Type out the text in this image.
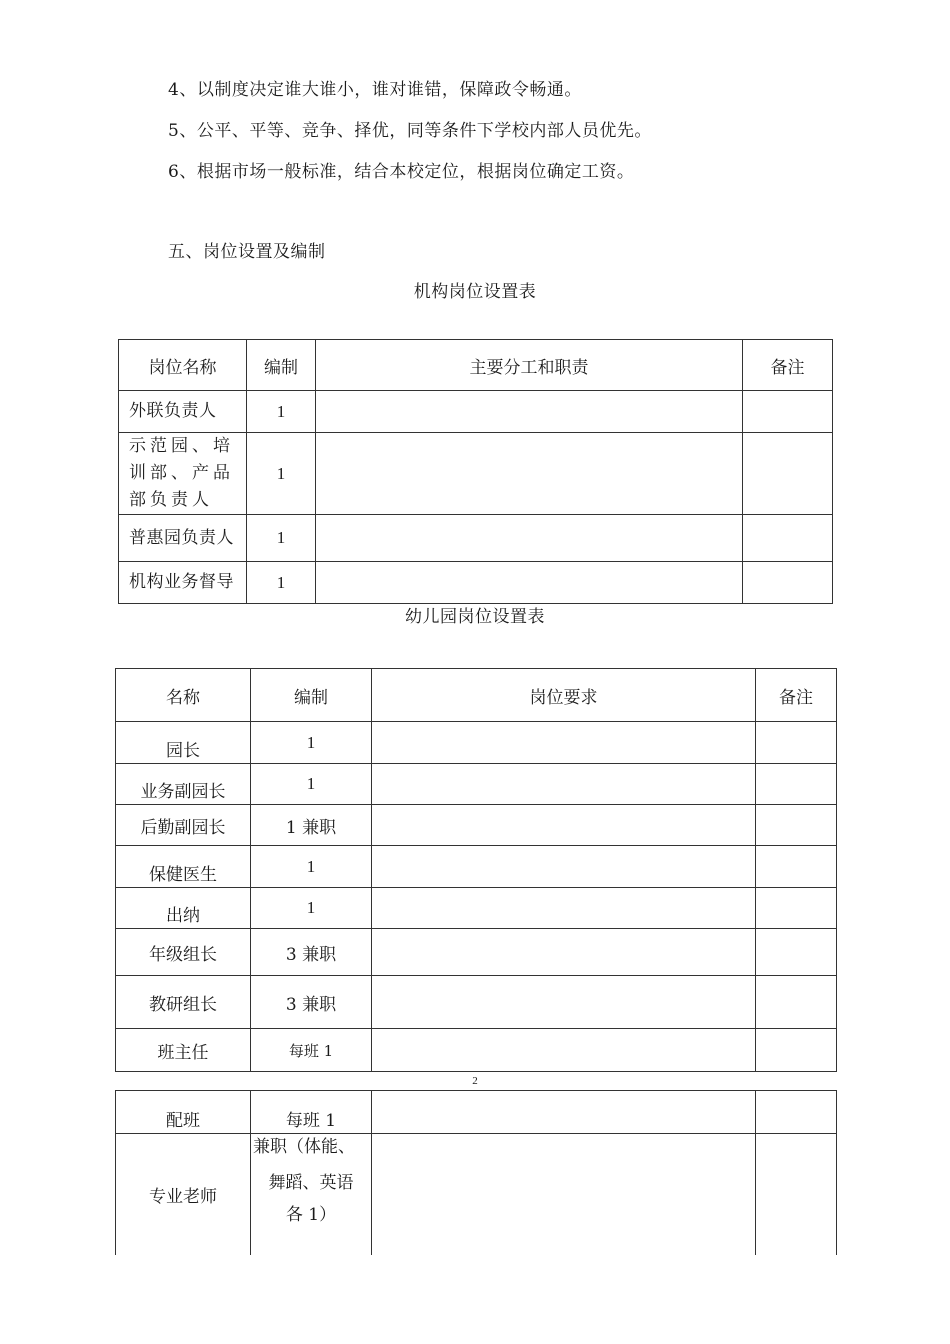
4、以制度决定谁大谁小，谁对谁错，保障政令畅通。
5、公平、平等、竞争、择优，同等条件下学校内部人员优先。
6、根据市场一般标准，结合本校定位，根据岗位确定工资。
五、岗位设置及编制
机构岗位设置表
岗位名称	编制	主要分工和职责	备注
外联负责人	1		
示范园、培训部、产品部负责人	1		
普惠园负责人	1		
机构业务督导	1		
幼儿园岗位设置表
名称	编制	岗位要求	备注
园长	1		
业务副园长	1		
后勤副园长	1 兼职		
保健医生	1		
出纳	1		
年级组长	3 兼职		
教研组长	3 兼职		
班主任	每班 1		
2
配班	每班 1		
专业老师	兼职（体能、
舞蹈、英语
各 1）		
